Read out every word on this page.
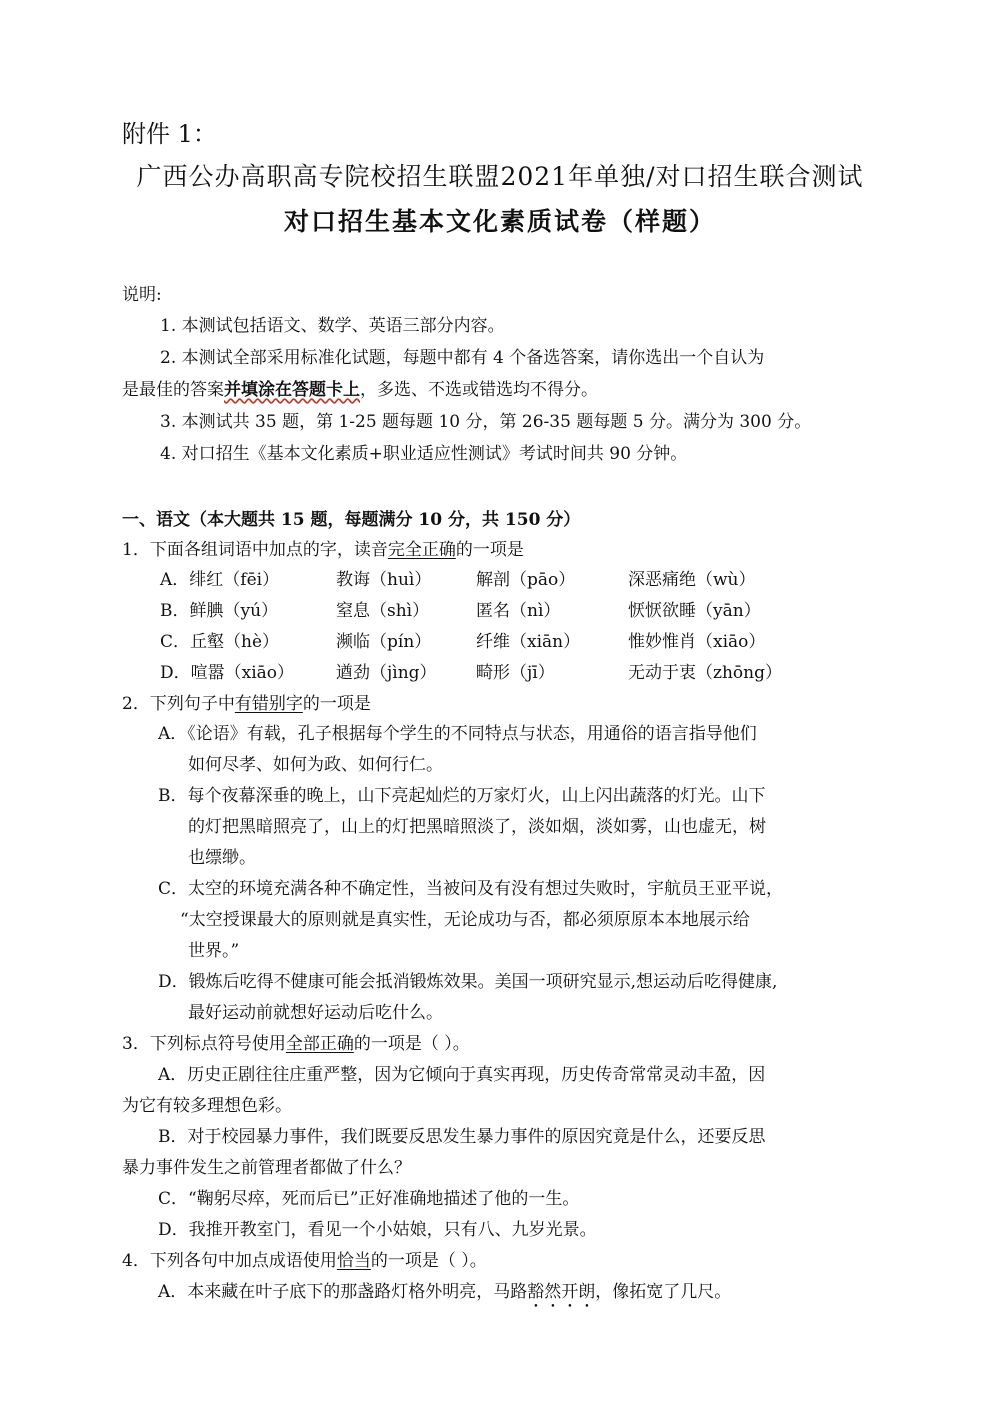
附件 1：
广西公办高职高专院校招生联盟2021年单独/对口招生联合测试
对口招生基本文化素质试卷（样题）
说明:
1. 本测试包括语文、数学、英语三部分内容。
2. 本测试全部采用标准化试题，每题中都有 4 个备选答案，请你选出一个自认为
是最佳的答案并填涂在答题卡上，多选、不选或错选均不得分。
3. 本测试共 35 题，第 1-25 题每题 10 分，第 26-35 题每题 5 分。满分为 300 分。
4. 对口招生《基本文化素质+职业适应性测试》考试时间共 90 分钟。
一、语文（本大题共 15 题，每题满分 10 分，共 150 分）
1．下面各组词语中加点的字，读音完全正确的一项是
A．绯红（fēi）	教诲（huì）	解剖（pāo）	深恶痛绝（wù）
B．鲜腆（yú）	窒息（shì）	匿名（nì）	恹恹欲睡（yān）
C．丘壑（hè）	濒临（pín）	纤维（xiān）	惟妙惟肖（xiāo）
D．喧嚣（xiāo） 遒劲（jìng） 畸形（jī）	无动于衷（zhōng）
2．下列句子中有错别字的一项是
A．《论语》有载，孔子根据每个学生的不同特点与状态，用通俗的语言指导他们
如何尽孝、如何为政、如何行仁。
B．每个夜幕深垂的晚上，山下亮起灿烂的万家灯火，山上闪出蔬落的灯光。山下
的灯把黑暗照亮了，山上的灯把黑暗照淡了，淡如烟，淡如雾，山也虚无，树
也缥缈。
C．太空的环境充满各种不确定性，当被问及有没有想过失败时，宇航员王亚平说，
“太空授课最大的原则就是真实性，无论成功与否，都必须原原本本地展示给
世界。”
D．锻炼后吃得不健康可能会抵消锻炼效果。美国一项研究显示,想运动后吃得健康,
最好运动前就想好运动后吃什么。
3．下列标点符号使用全部正确的一项是（ ）。
A．历史正剧往往庄重严整，因为它倾向于真实再现，历史传奇常常灵动丰盈，因
为它有较多理想色彩。
B．对于校园暴力事件，我们既要反思发生暴力事件的原因究竟是什么，还要反思
暴力事件发生之前管理者都做了什么？
C．“鞠躬尽瘁，死而后已”正好准确地描述了他的一生。
D．我推开教室门，看见一个小姑娘，只有八、九岁光景。
4．下列各句中加点成语使用恰当的一项是（ ）。
A．本来藏在叶子底下的那盏路灯格外明亮，马路豁然开朗，像拓宽了几尺。
